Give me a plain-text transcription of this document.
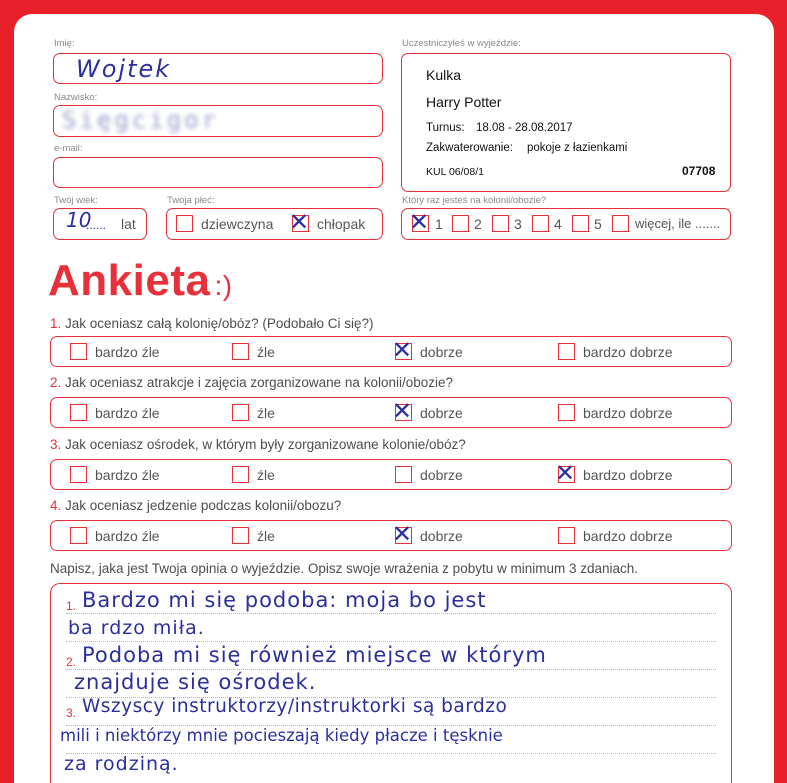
Imię:
Wojtek
Nazwisko:
Sięgcigor
e-mail:
Twój wiek:
10
...... lat
Twoja płeć:
dziewczyna ✕ chłopak
Uczestniczyłeś w wyjeździe:
Kulka
Harry Potter
Turnus: 18.08 - 28.08.2017
Zakwaterowanie: pokoje z łazienkami
KUL 06/08/1	07708
Który raz jesteś na kolonii/obozie?
✕ 1 2 3 4 5	więcej, ile .......
Ankieta :)
1. Jak oceniasz całą kolonię/obóz? (Podobało Ci się?)
2. Jak oceniasz atrakcje i zajęcia zorganizowane na kolonii/obozie?
3. Jak oceniasz ośrodek, w którym były zorganizowane kolonie/obóz?
4. Jak oceniasz jedzenie podczas kolonii/obozu?
Napisz, jaka jest Twoja opinia o wyjeździe. Opisz swoje wrażenia z pobytu w minimum 3 zdaniach.
1.
2.
3.
Bardzo mi się podoba: moja bo jest
ba rdzo miła.
Podoba mi się również miejsce w którym
znajduje się ośrodek.
Wszyscy instruktorzy/instruktorki są bardzo
mili i niektórzy mnie pocieszają kiedy płacze i tęsknie
za rodziną.
bardzo źle	źle	✕ dobrze	bardzo dobrze
bardzo źle	źle	✕ dobrze	bardzo dobrze
bardzo źle	źle	dobrze	✕ bardzo dobrze
bardzo źle	źle	✕ dobrze	bardzo dobrze
